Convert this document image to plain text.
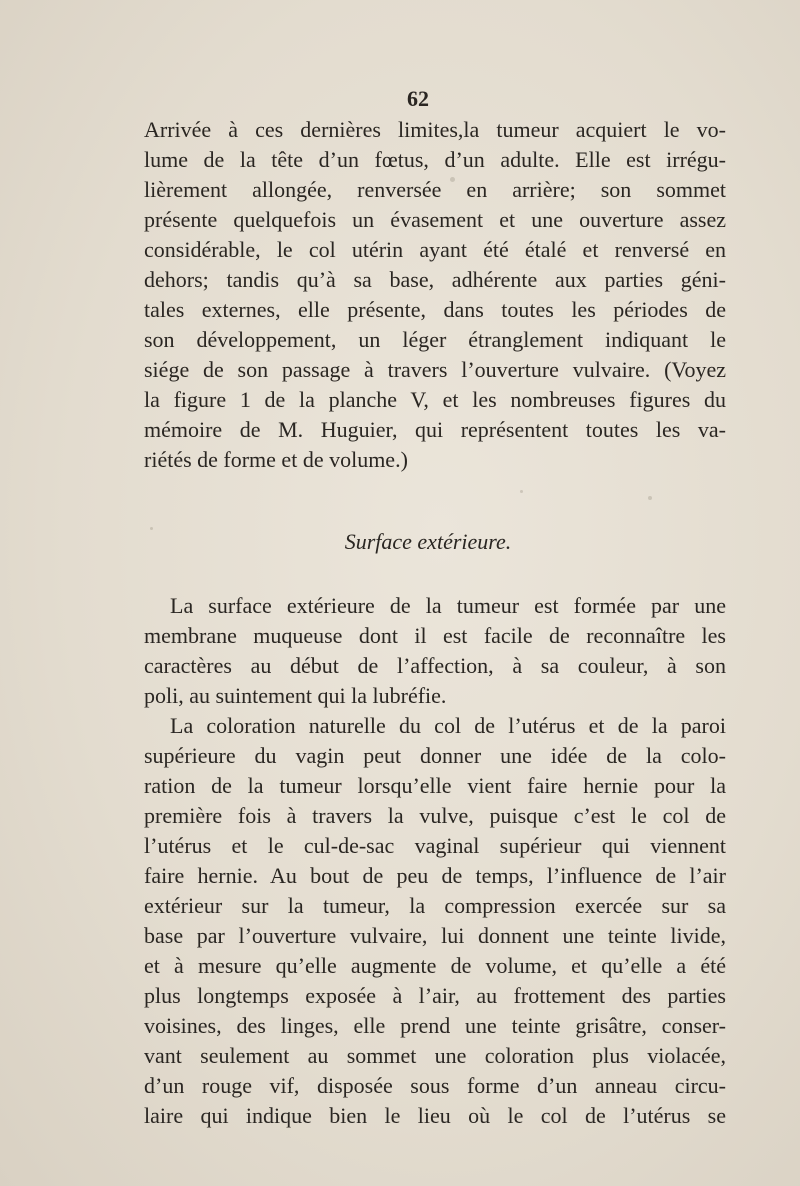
62
Arrivée à ces dernières limites,la tumeur acquiert le vo-
lume de la tête d’un fœtus, d’un adulte. Elle est irrégu-
lièrement allongée, renversée en arrière; son sommet
présente quelquefois un évasement et une ouverture assez
considérable, le col utérin ayant été étalé et renversé en
dehors; tandis qu’à sa base, adhérente aux parties géni-
tales externes, elle présente, dans toutes les périodes de
son développement, un léger étranglement indiquant le
siége de son passage à travers l’ouverture vulvaire. (Voyez
la figure 1 de la planche V, et les nombreuses figures du
mémoire de M. Huguier, qui représentent toutes les va-
riétés de forme et de volume.)
Surface extérieure.
La surface extérieure de la tumeur est formée par une
membrane muqueuse dont il est facile de reconnaître les
caractères au début de l’affection, à sa couleur, à son
poli, au suintement qui la lubréfie.
La coloration naturelle du col de l’utérus et de la paroi
supérieure du vagin peut donner une idée de la colo-
ration de la tumeur lorsqu’elle vient faire hernie pour la
première fois à travers la vulve, puisque c’est le col de
l’utérus et le cul-de-sac vaginal supérieur qui viennent
faire hernie. Au bout de peu de temps, l’influence de l’air
extérieur sur la tumeur, la compression exercée sur sa
base par l’ouverture vulvaire, lui donnent une teinte livide,
et à mesure qu’elle augmente de volume, et qu’elle a été
plus longtemps exposée à l’air, au frottement des parties
voisines, des linges, elle prend une teinte grisâtre, conser-
vant seulement au sommet une coloration plus violacée,
d’un rouge vif, disposée sous forme d’un anneau circu-
laire qui indique bien le lieu où le col de l’utérus se
